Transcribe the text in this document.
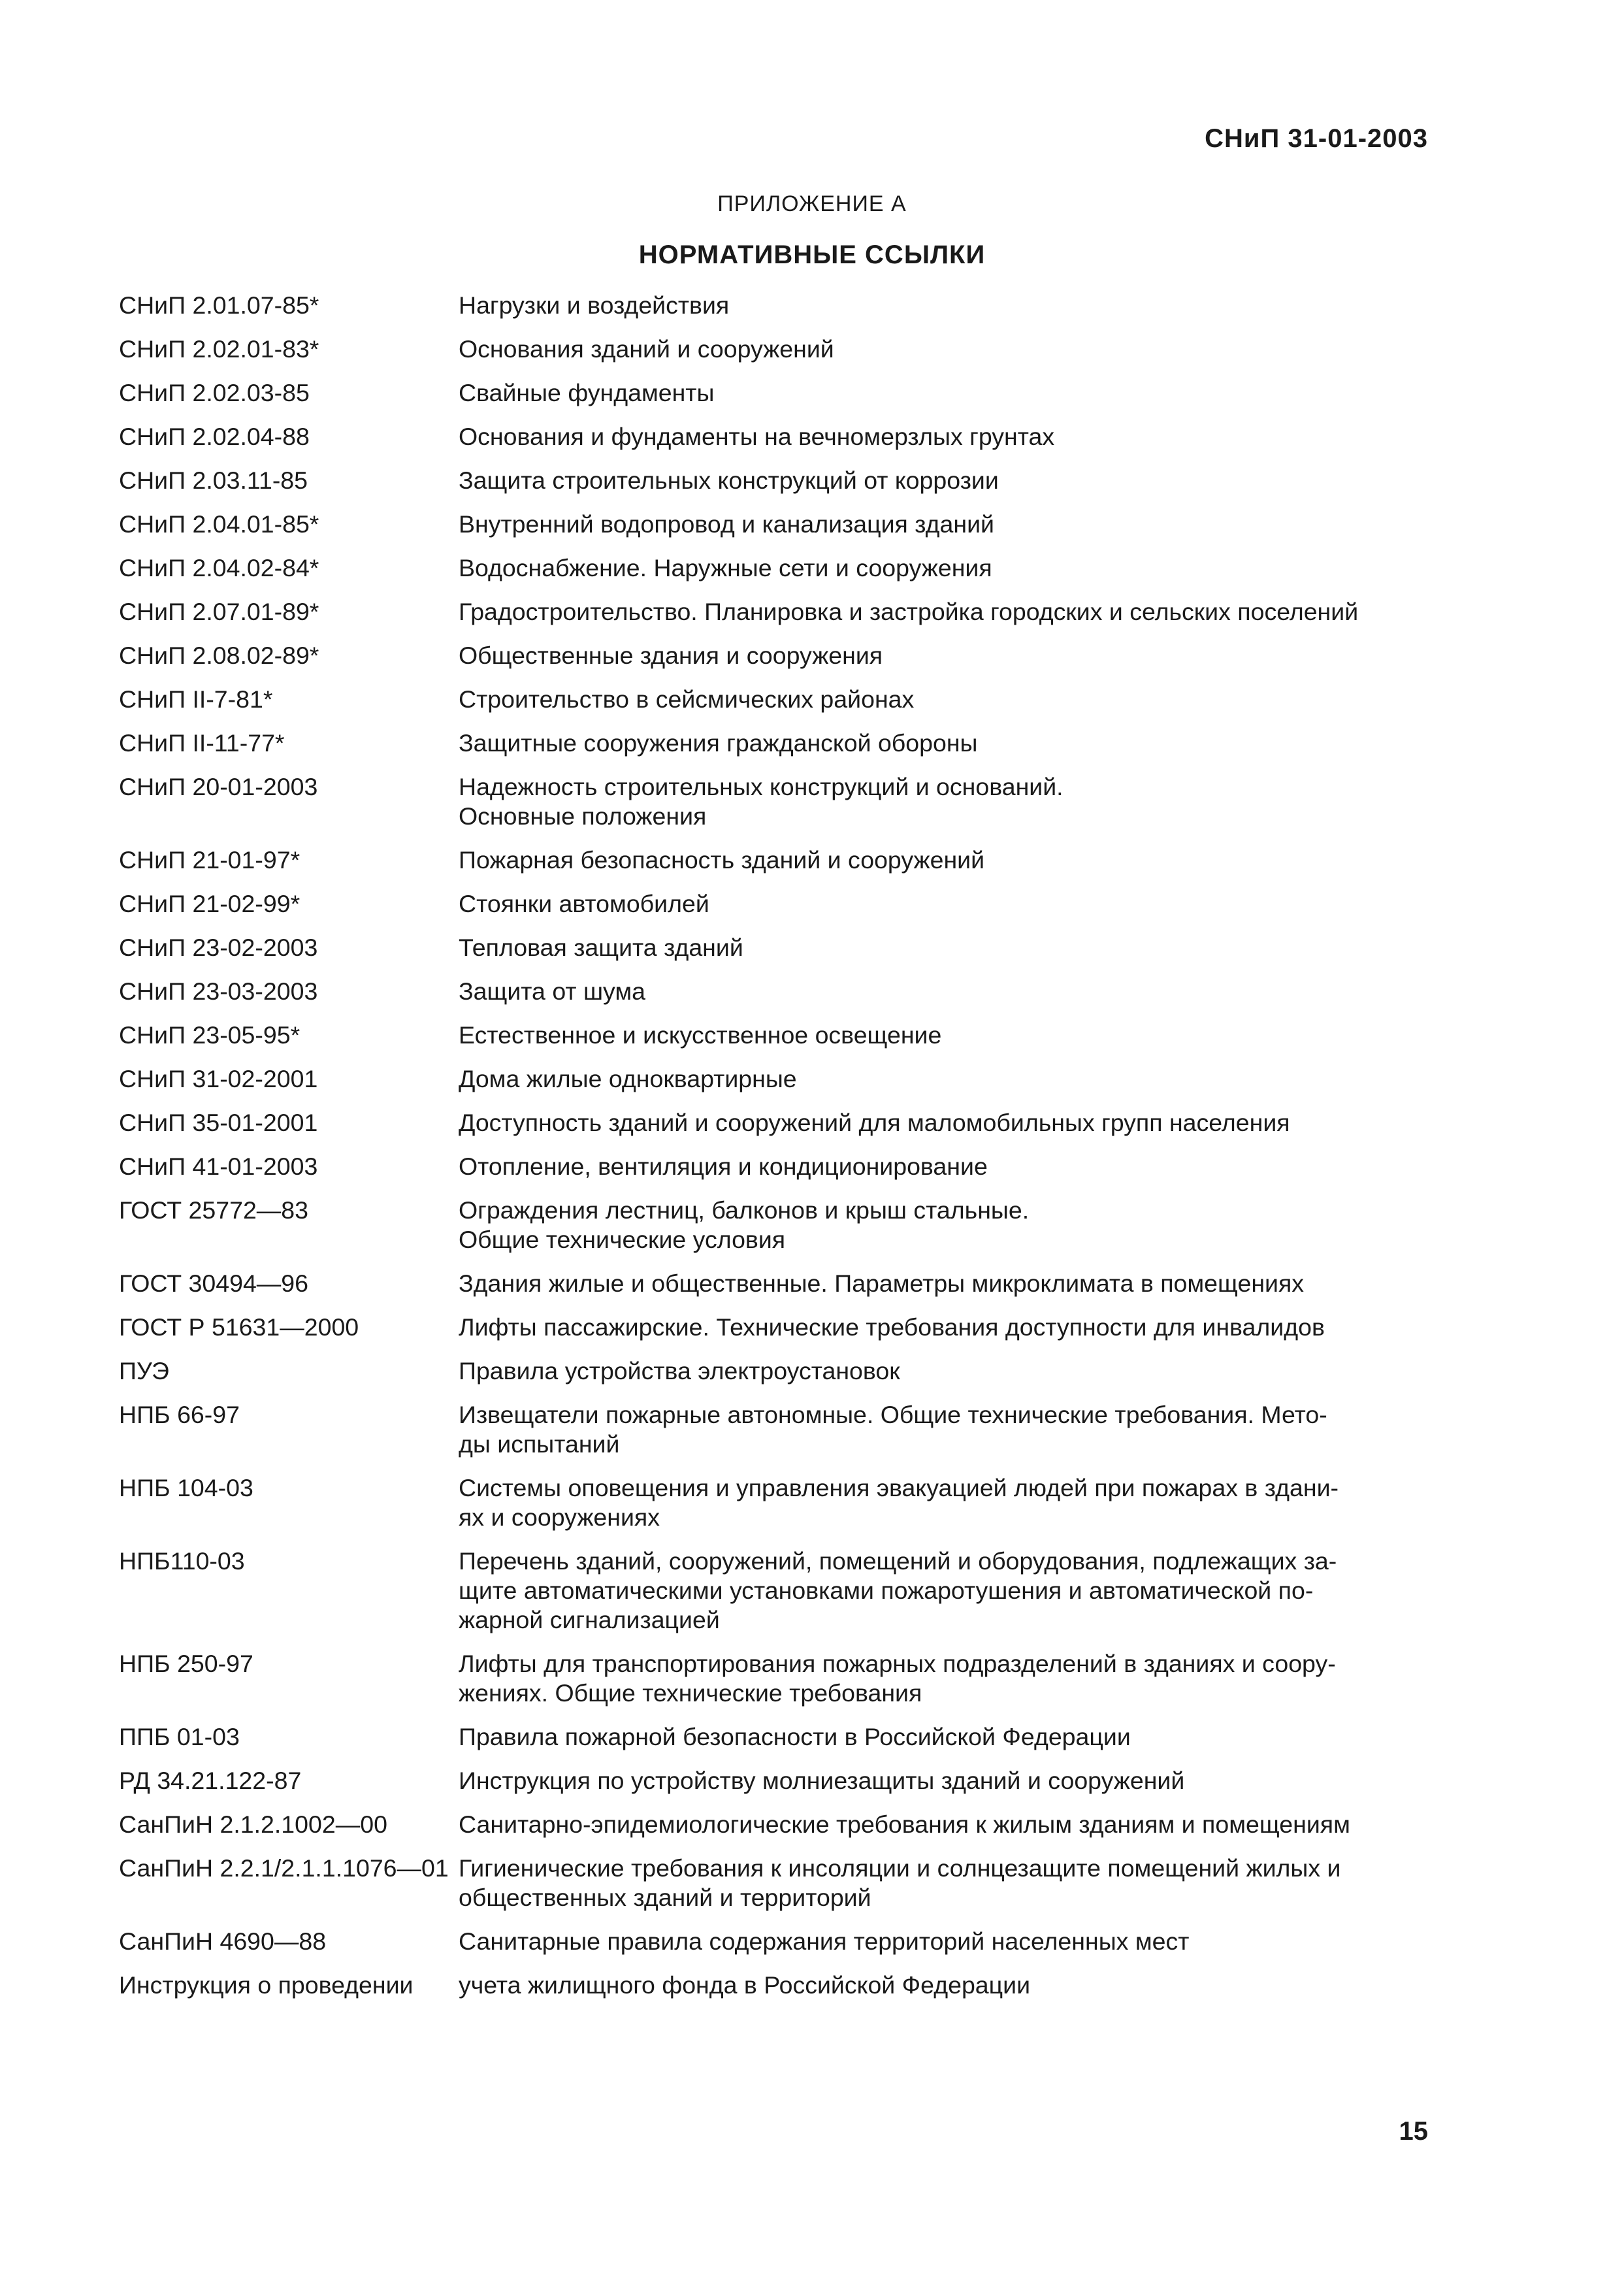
СНиП 31-01-2003
ПРИЛОЖЕНИЕ А
НОРМАТИВНЫЕ ССЫЛКИ
СНиП 2.01.07-85*	Нагрузки и воздействия
СНиП 2.02.01-83*	Основания зданий и сооружений
СНиП 2.02.03-85	Свайные фундаменты
СНиП 2.02.04-88	Основания и фундаменты на вечномерзлых грунтах
СНиП 2.03.11-85	Защита строительных конструкций от коррозии
СНиП 2.04.01-85*	Внутренний водопровод и канализация зданий
СНиП 2.04.02-84*	Водоснабжение. Наружные сети и сооружения
СНиП 2.07.01-89*	Градостроительство. Планировка и застройка городских и сельских поселений
СНиП 2.08.02-89*	Общественные здания и сооружения
СНиП II-7-81*	Строительство в сейсмических районах
СНиП II-11-77*	Защитные сооружения гражданской обороны
СНиП 20-01-2003	Надежность строительных конструкций и оснований.
Основные положения
СНиП 21-01-97*	Пожарная безопасность зданий и сооружений
СНиП 21-02-99*	Стоянки автомобилей
СНиП 23-02-2003	Тепловая защита зданий
СНиП 23-03-2003	Защита от шума
СНиП 23-05-95*	Естественное и искусственное освещение
СНиП 31-02-2001	Дома жилые одноквартирные
СНиП 35-01-2001	Доступность зданий и сооружений для маломобильных групп населения
СНиП 41-01-2003	Отопление, вентиляция и кондиционирование
ГОСТ 25772—83	Ограждения лестниц, балконов и крыш стальные.
Общие технические условия
ГОСТ 30494—96	Здания жилые и общественные. Параметры микроклимата в помещениях
ГОСТ Р 51631—2000	Лифты пассажирские. Технические требования доступности для инвалидов
ПУЭ	Правила устройства электроустановок
НПБ 66-97	Извещатели пожарные автономные. Общие технические требования. Мето-
ды испытаний
НПБ 104-03	Системы оповещения и управления эвакуацией людей при пожарах в здани-
ях и сооружениях
НПБ110-03	Перечень зданий, сооружений, помещений и оборудования, подлежащих за-
щите автоматическими установками пожаротушения и автоматической по-
жарной сигнализацией
НПБ 250-97	Лифты для транспортирования пожарных подразделений в зданиях и соору-
жениях. Общие технические требования
ППБ 01-03	Правила пожарной безопасности в Российской Федерации
РД 34.21.122-87	Инструкция по устройству молниезащиты зданий и сооружений
СанПиН 2.1.2.1002—00	Санитарно-эпидемиологические требования к жилым зданиям и помещениям
СанПиН 2.2.1/2.1.1.1076—01 Гигиенические требования к инсоляции и солнцезащите помещений жилых и
общественных зданий и территорий
СанПиН 4690—88	Санитарные правила содержания территорий населенных мест
Инструкция о проведении	учета жилищного фонда в Российской Федерации
15
